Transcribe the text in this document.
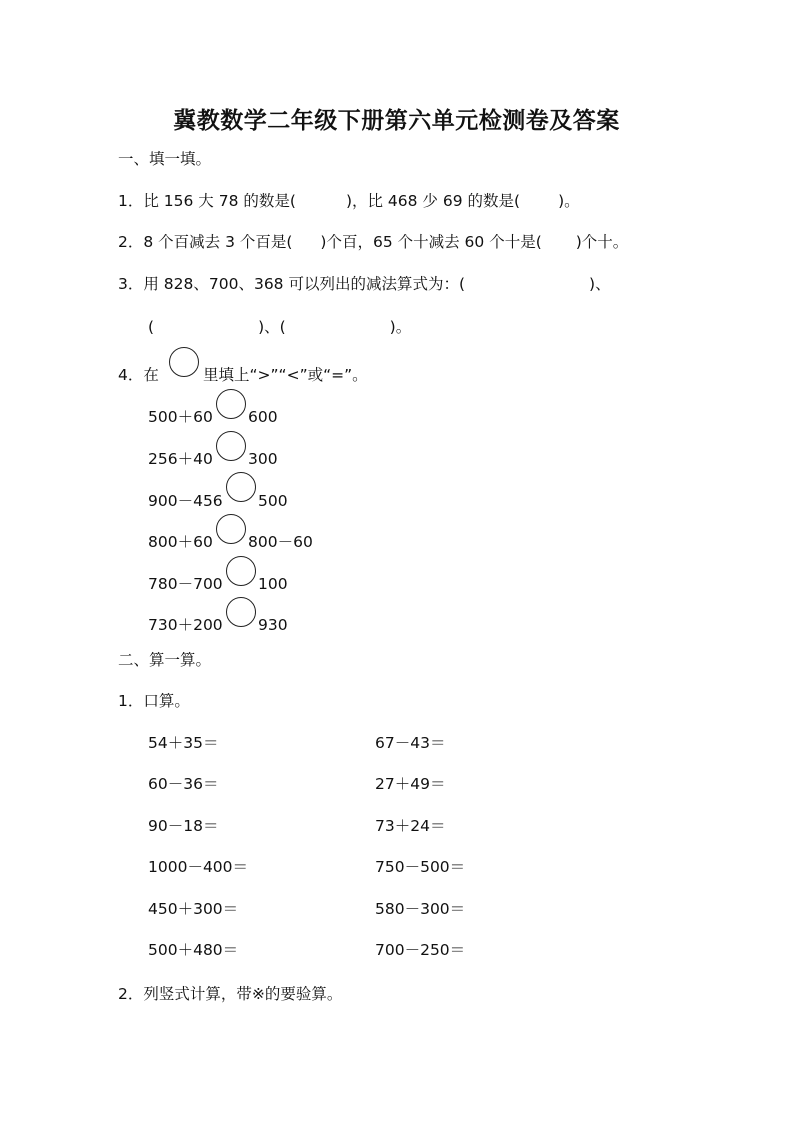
冀教数学二年级下册第六单元检测卷及答案
一、填一填。
1．比 156 大 78 的数是(	)，比 468 少 69 的数是( )。
2．8 个百减去 3 个百是( )个百，65 个十减去 60 个十是( )个十。
3．用 828、700、368 可以列出的减法算式为：(	)、
(	)、(	)。
4．在	里填上“>”“<”或“=”。
500＋60 600
256＋40 300
900－456 500
800＋60 800－60
780－700 100
730＋200 930
二、算一算。
1．口算。
54＋35＝	67－43＝
60－36＝	27＋49＝
90－18＝	73＋24＝
1000－400＝	750－500＝
450＋300＝	580－300＝
500＋480＝	700－250＝
2．列竖式计算，带※的要验算。
